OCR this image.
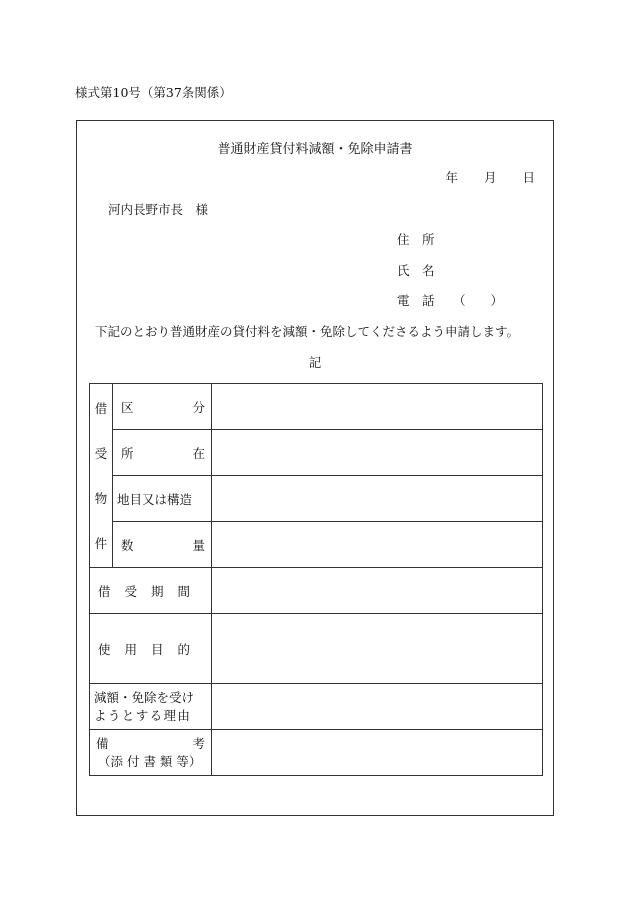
様式第10号（第37条関係）
普通財産貸付料減額・免除申請書
年 月 日
河内長野市長　様
住　所
氏　名
電　話 （　　）
下記のとおり普通財産の貸付料を減額・免除してくださるよう申請します。
記
借
受
物
件	区 分	

	所 在	

	地目又は構造	

	数 量	

借 受 期 間		

使 用 目 的		

減額・免除を受け
ようとする理由		

備 考
（添 付 書 類 等）		
